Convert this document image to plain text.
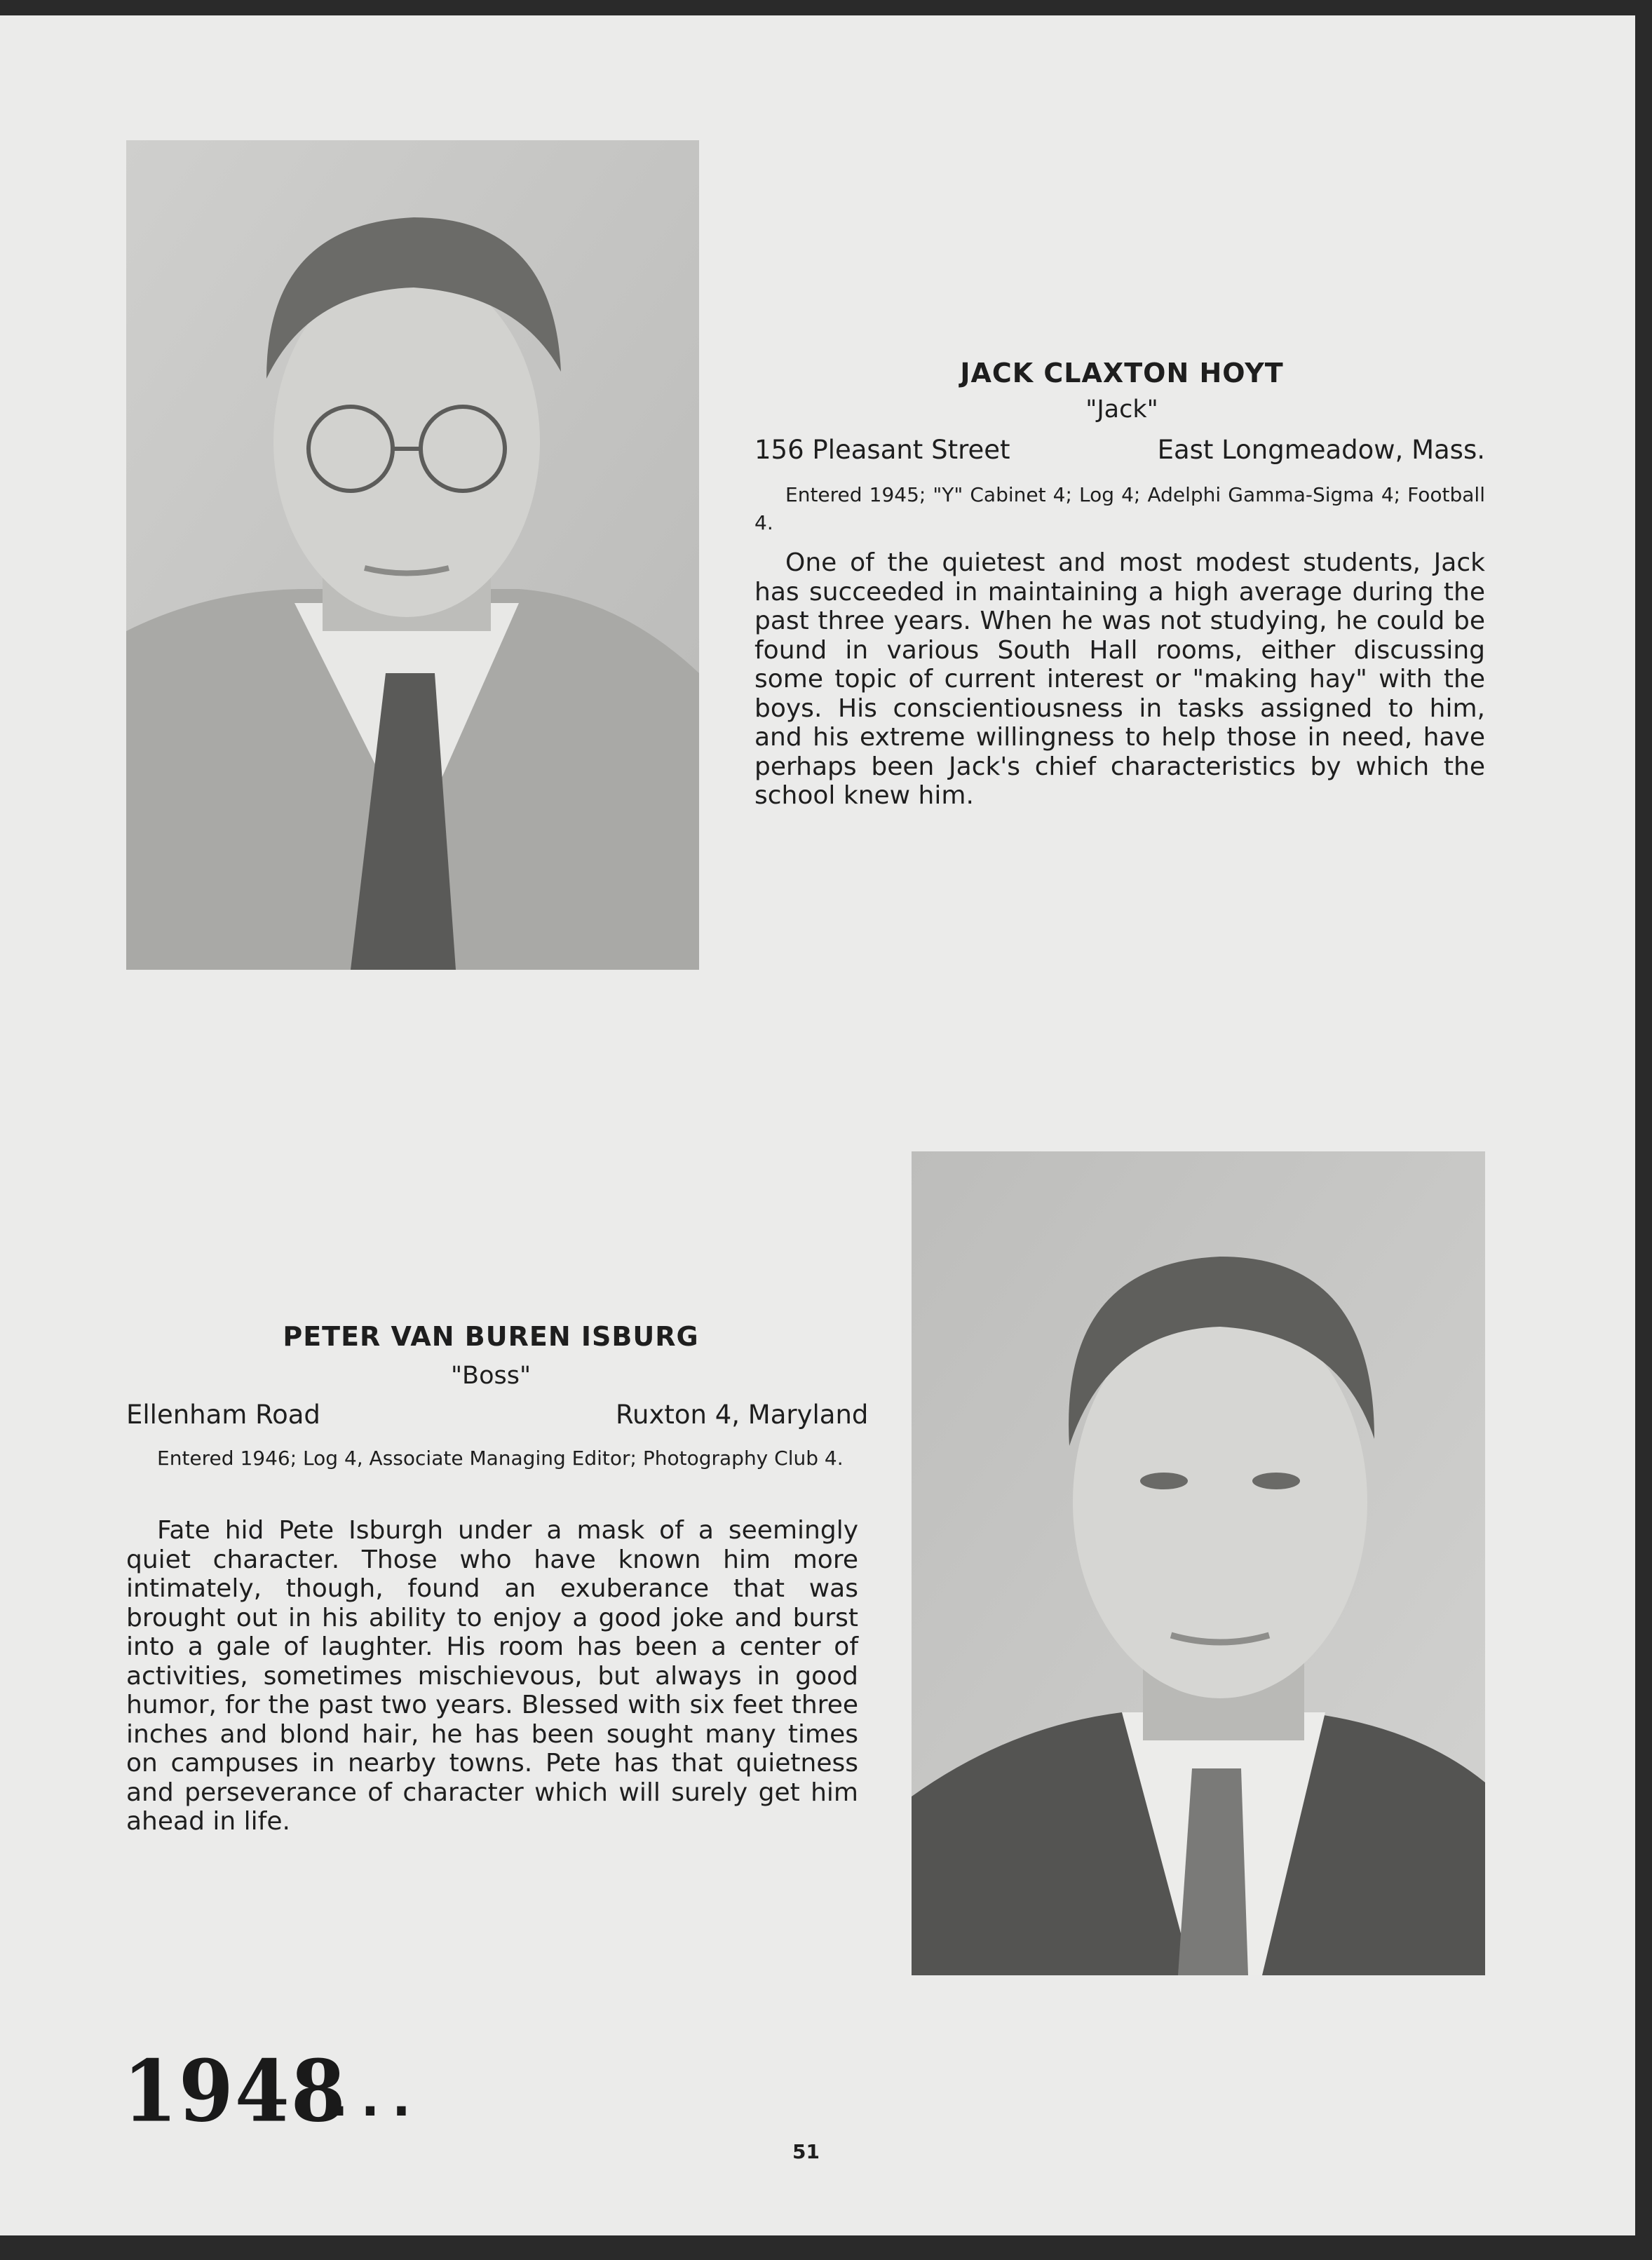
JACK CLAXTON HOYT
"Jack"
156 Pleasant Street	East Longmeadow, Mass.
Entered 1945; "Y" Cabinet 4; Log 4; Adelphi Gamma-Sigma 4; Football 4.

One of the quietest and most modest students, Jack has succeeded in maintaining a high average during the past three years. When he was not studying, he could be found in various South Hall rooms, either discussing some topic of current interest or "making hay" with the boys. His conscientiousness in tasks assigned to him, and his extreme willingness to help those in need, have perhaps been Jack's chief characteristics by which the school knew him.

PETER VAN BUREN ISBURG
"Boss"
Ellenham Road	Ruxton 4, Maryland
Entered 1946; Log 4, Associate Managing Editor; Photography Club 4.

Fate hid Pete Isburgh under a mask of a seemingly quiet character. Those who have known him more intimately, though, found an exuberance that was brought out in his ability to enjoy a good joke and burst into a gale of laughter. His room has been a center of activities, sometimes mischievous, but always in good humor, for the past two years. Blessed with six feet three inches and blond hair, he has been sought many times on campuses in nearby towns. Pete has that quietness and perseverance of character which will surely get him ahead in life.

1948
...
51
